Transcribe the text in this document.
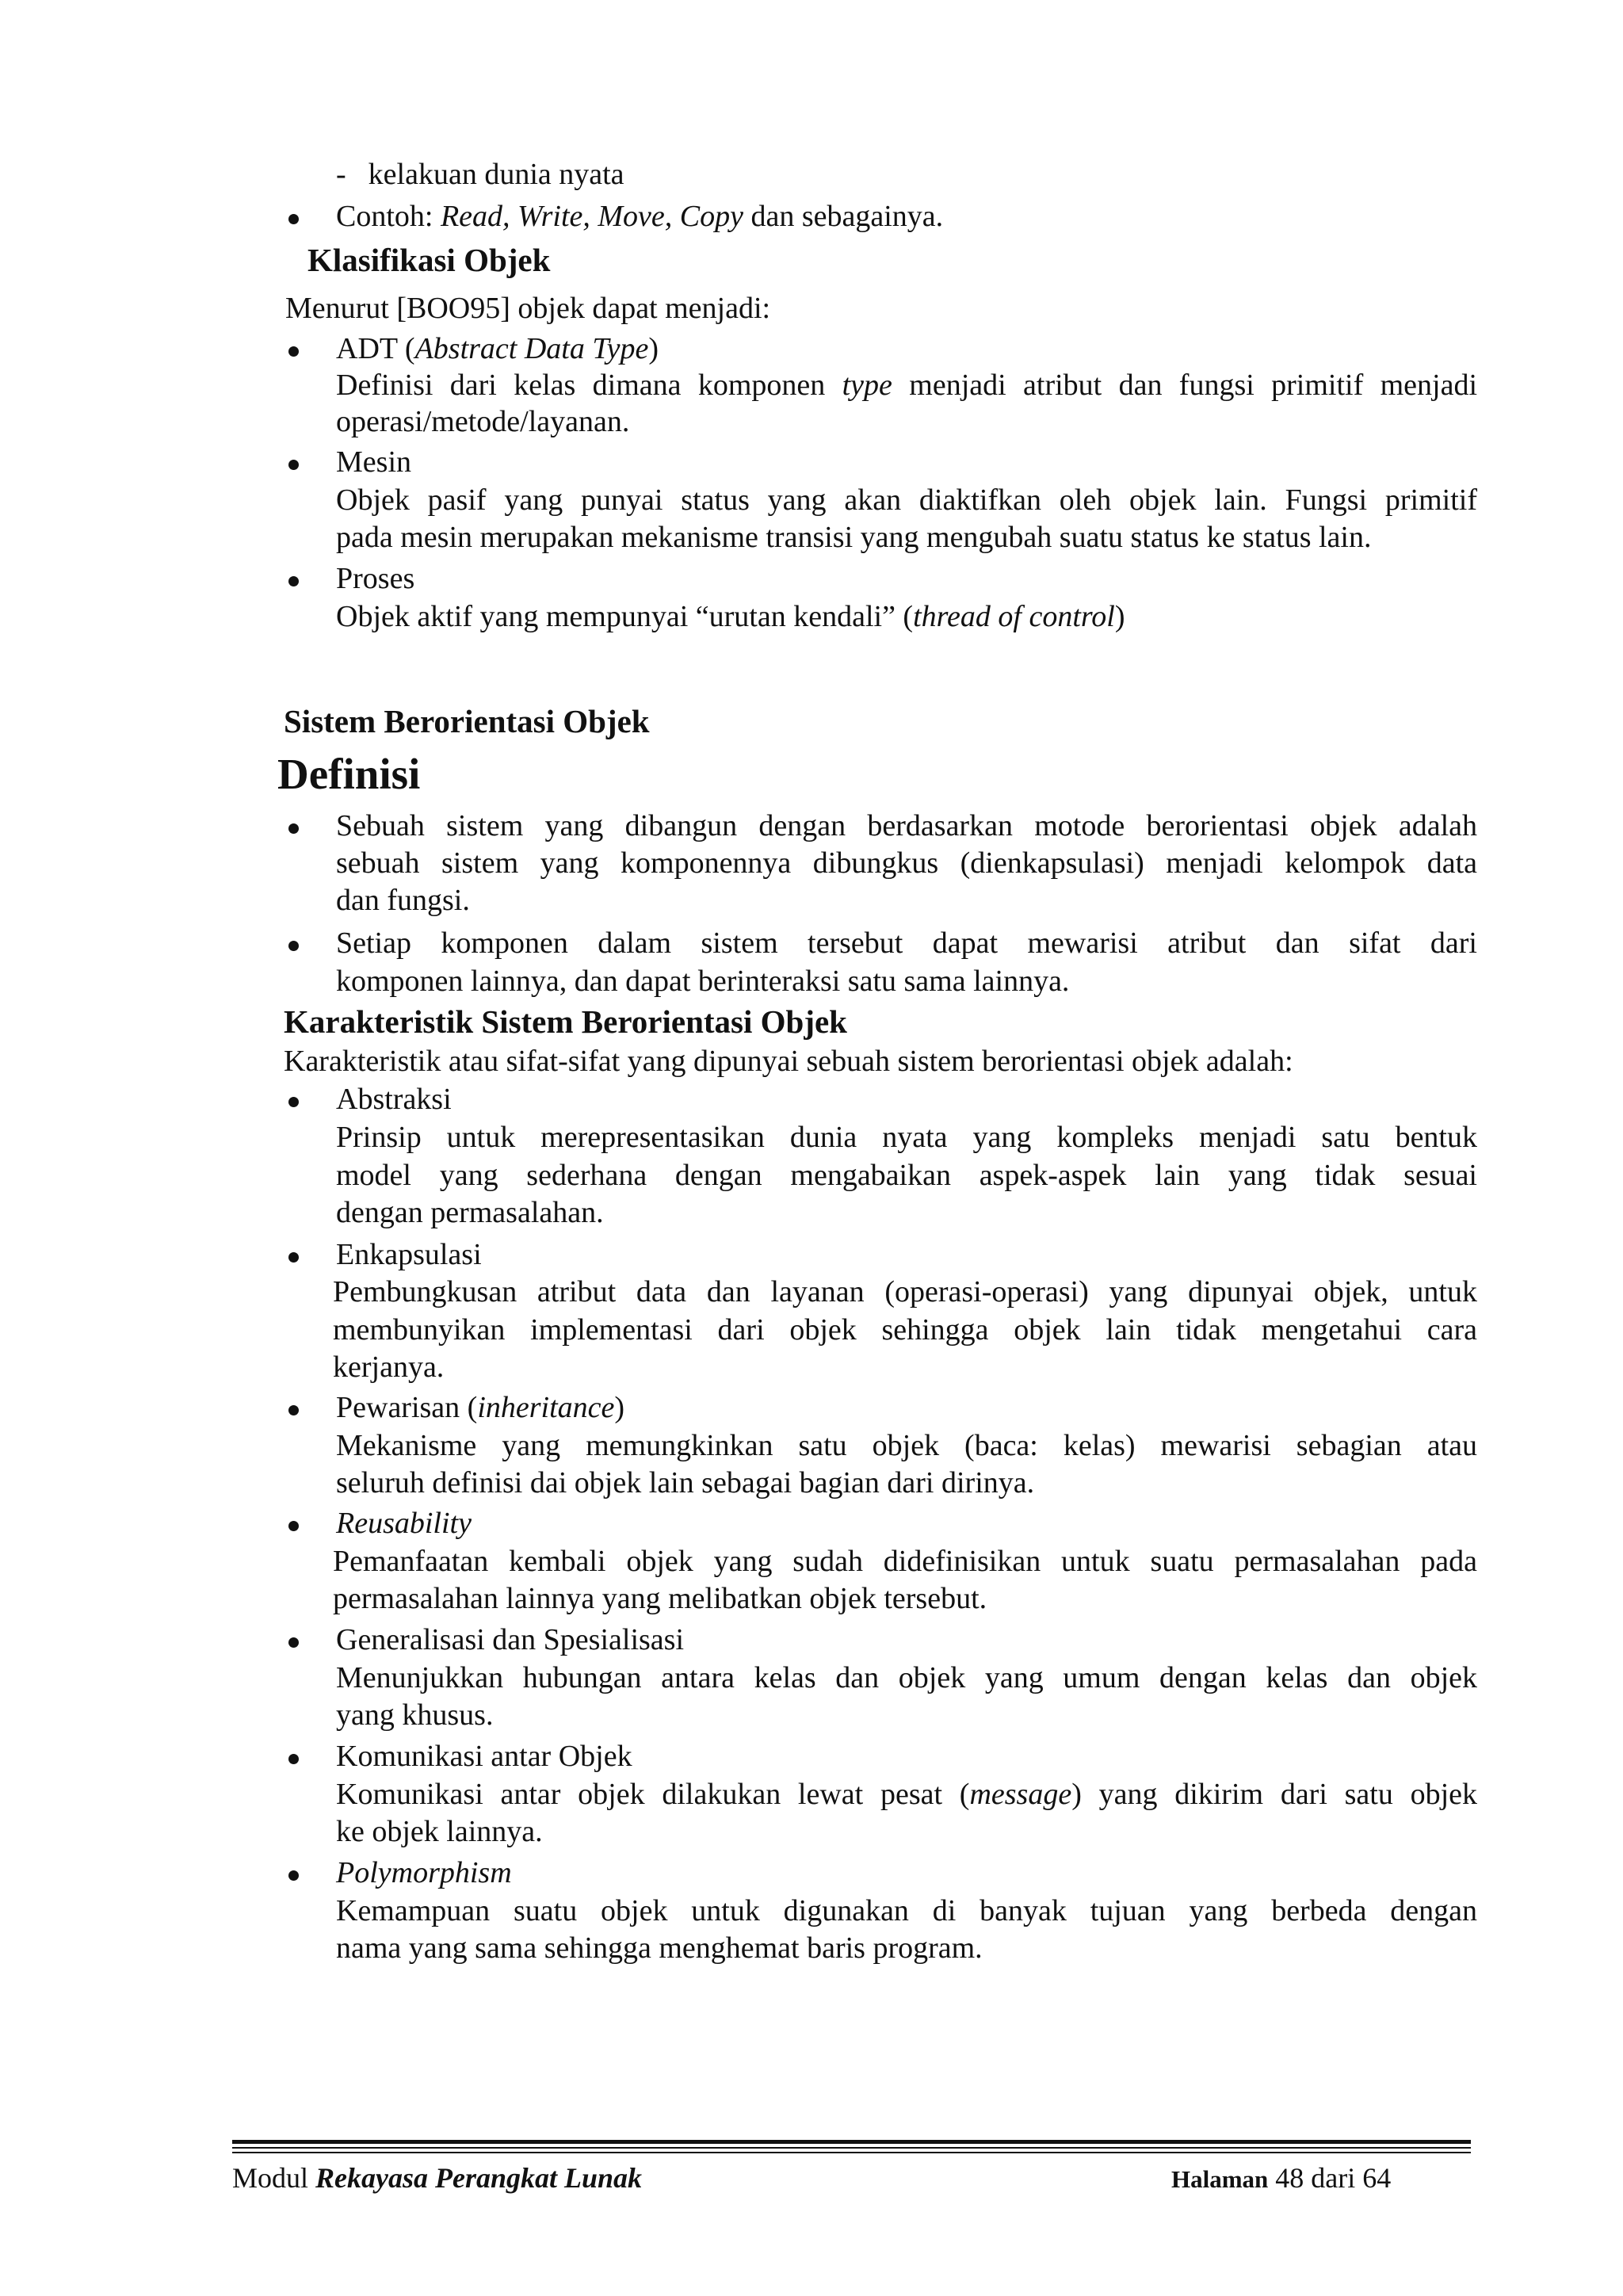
- kelakuan dunia nyata
Contoh: Read, Write, Move, Copy dan sebagainya.
Klasifikasi Objek
Menurut [BOO95] objek dapat menjadi:
ADT (Abstract Data Type)
Definisi dari kelas dimana komponen type menjadi atribut dan fungsi primitif menjadi
operasi/metode/layanan.
Mesin
Objek pasif yang punyai status yang akan diaktifkan oleh objek lain. Fungsi primitif
pada mesin merupakan mekanisme transisi yang mengubah suatu status ke status lain.
Proses
Objek aktif yang mempunyai “urutan kendali” (thread of control)
Sistem Berorientasi Objek
Definisi
Sebuah sistem yang dibangun dengan berdasarkan motode berorientasi objek adalah
sebuah sistem yang komponennya dibungkus (dienkapsulasi) menjadi kelompok data
dan fungsi.
Setiap komponen dalam sistem tersebut dapat mewarisi atribut dan sifat dari
komponen lainnya, dan dapat berinteraksi satu sama lainnya.
Karakteristik Sistem Berorientasi Objek
Karakteristik atau sifat-sifat yang dipunyai sebuah sistem berorientasi objek adalah:
Abstraksi
Prinsip untuk merepresentasikan dunia nyata yang kompleks menjadi satu bentuk
model yang sederhana dengan mengabaikan aspek-aspek lain yang tidak sesuai
dengan permasalahan.
Enkapsulasi
Pembungkusan atribut data dan layanan (operasi-operasi) yang dipunyai objek, untuk
membunyikan implementasi dari objek sehingga objek lain tidak mengetahui cara
kerjanya.
Pewarisan (inheritance)
Mekanisme yang memungkinkan satu objek (baca: kelas) mewarisi sebagian atau
seluruh definisi dai objek lain sebagai bagian dari dirinya.
Reusability
Pemanfaatan kembali objek yang sudah didefinisikan untuk suatu permasalahan pada
permasalahan lainnya yang melibatkan objek tersebut.
Generalisasi dan Spesialisasi
Menunjukkan hubungan antara kelas dan objek yang umum dengan kelas dan objek
yang khusus.
Komunikasi antar Objek
Komunikasi antar objek dilakukan lewat pesat (message) yang dikirim dari satu objek
ke objek lainnya.
Polymorphism
Kemampuan suatu objek untuk digunakan di banyak tujuan yang berbeda dengan
nama yang sama sehingga menghemat baris program.
Modul Rekayasa Perangkat Lunak	Halaman 48 dari 64
